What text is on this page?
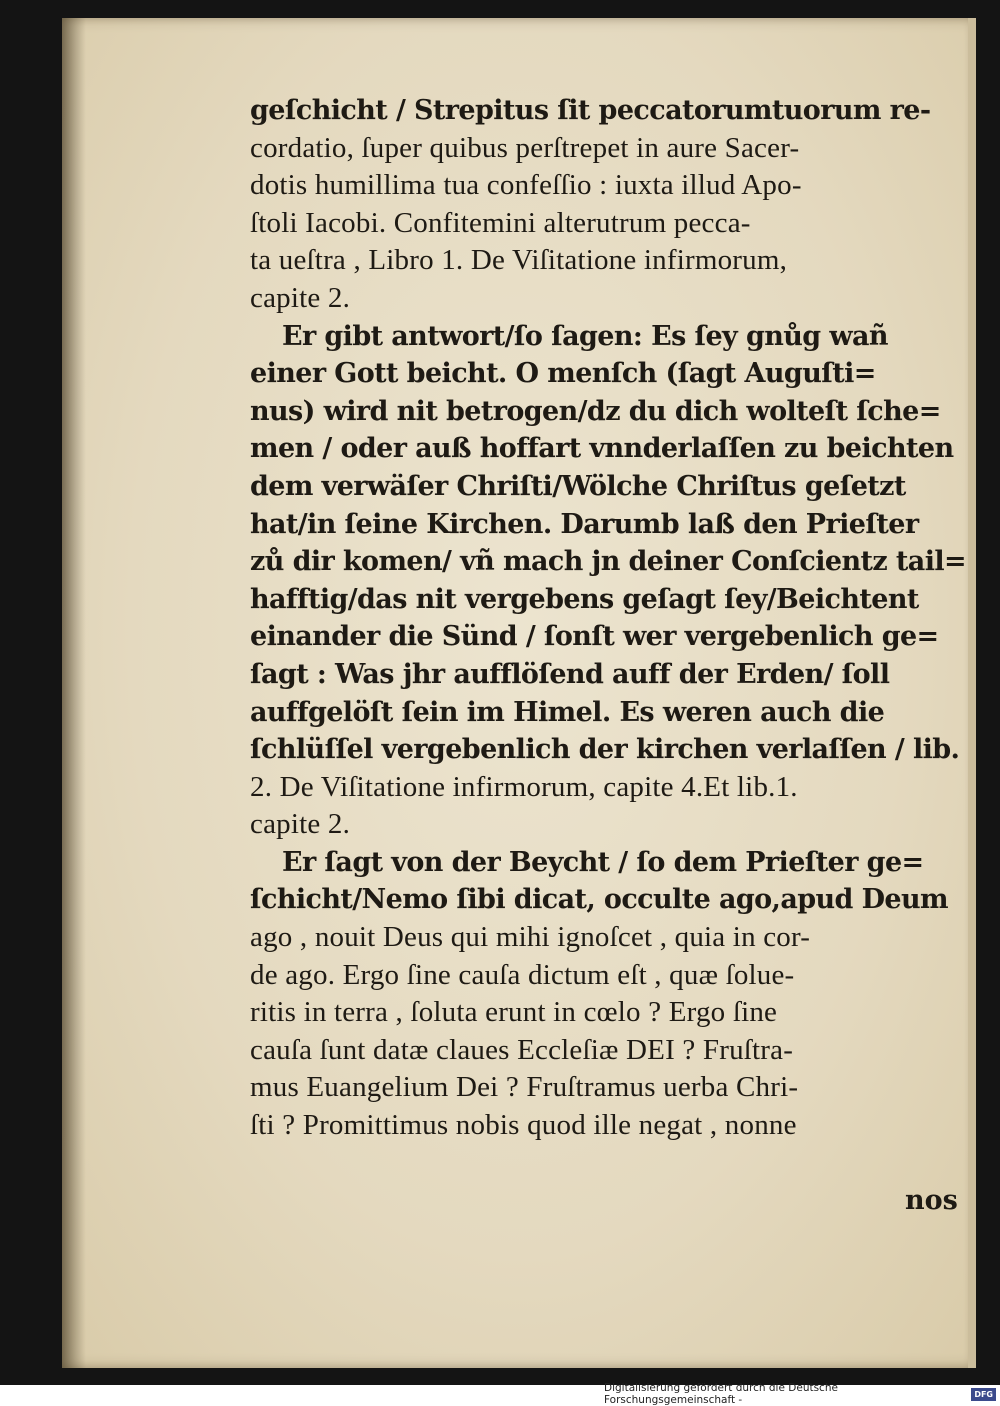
geſchicht / Strepitus ſit peccatorumtuorum re-
cordatio, ſuper quibus perſtrepet in aure Sacer-
dotis humillima tua confeſſio : iuxta illud Apo-
ſtoli Iacobi. Confitemini alterutrum pecca-
ta ueſtra , Libro 1. De Viſitatione infirmorum,
capite 2.
Er gibt antwort/ſo ſagen: Es ſey gnůg wañ
einer Gott beicht. O menſch (ſagt Auguſti=
nus) wird nit betrogen/dz du dich wolteſt ſche=
men / oder auß hoffart vnnderlaſſen zu beichten
dem verwäſer Chriſti/Wölche Chriſtus geſetzt
hat/in ſeine Kirchen. Darumb laß den Prieſter
zů dir komen/ vñ mach jn deiner Conſcientz tail=
hafftig/das nit vergebens geſagt ſey/Beichtent
einander die Sünd / ſonſt wer vergebenlich ge=
ſagt : Was jhr aufflöſend auff der Erden/ ſoll
auffgelöſt ſein im Himel. Es weren auch die
ſchlüſſel vergebenlich der kirchen verlaſſen / lib.
2. De Viſitatione infirmorum, capite 4.Et lib.1.
capite 2.
Er ſagt von der Beycht / ſo dem Prieſter ge=
ſchicht/Nemo ſibi dicat, occulte ago,apud Deum
ago , nouit Deus qui mihi ignoſcet , quia in cor-
de ago. Ergo ſine cauſa dictum eſt , quæ ſolue-
ritis in terra , ſoluta erunt in cœlo ? Ergo ſine
cauſa ſunt datæ claues Eccleſiæ DEI ? Fruſtra-
mus Euangelium Dei ? Fruſtramus uerba Chri-
ſti ? Promittimus nobis quod ille negat , nonne
nos
Digitalisierung gefördert durch die Deutsche Forschungsgemeinschaft -	DFG
